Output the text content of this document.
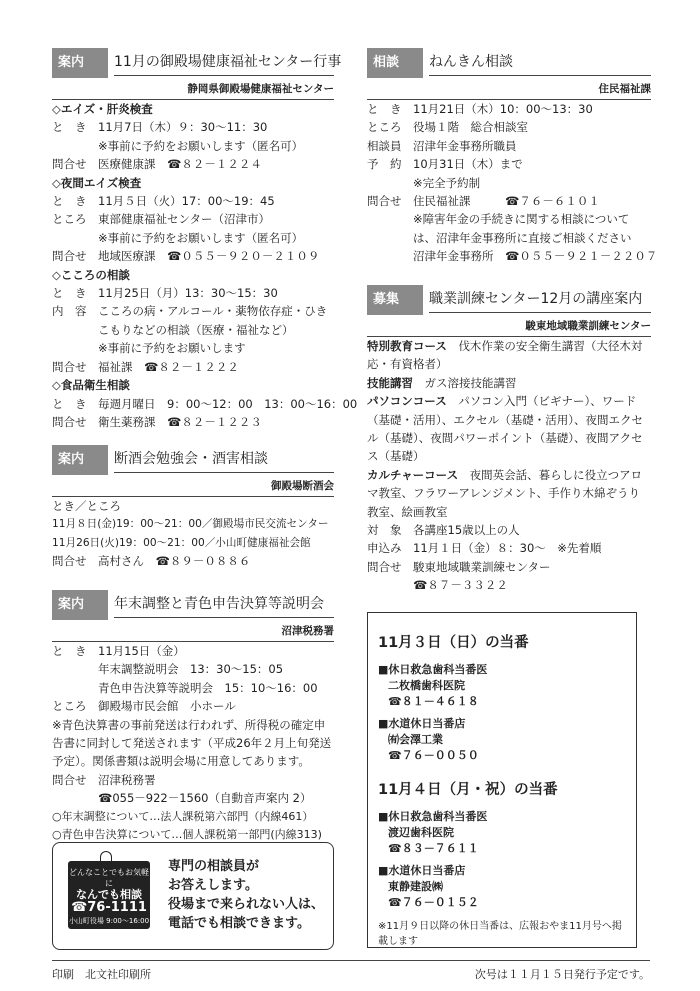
案内	11月の御殿場健康福祉センター行事
静岡県御殿場健康福祉センター
◇エイズ・肝炎検査
と　き	11月7日（木）９：30～11：30
※事前に予約をお願いします（匿名可）
問合せ	医療健康課　☎８２－１２２４
◇夜間エイズ検査
と　き	11月５日（火）17：00～19：45
ところ	東部健康福祉センター（沼津市）
※事前に予約をお願いします（匿名可）
問合せ	地域医療課　☎０５５－９２０－２１０９
◇こころの相談
と　き	11月25日（月）13：30～15：30
内　容	こころの病・アルコール・薬物依存症・ひきこもりなどの相談（医療・福祉など）
※事前に予約をお願いします
問合せ	福祉課　☎８２－１２２２
◇食品衛生相談
と　き	毎週月曜日　9：00～12：00　13：00～16：00
問合せ	衛生薬務課　☎８２－１２２３
案内	断酒会勉強会・酒害相談
御殿場断酒会
とき／ところ
11月８日(金)19：00～21：00／御殿場市民交流センター
11月26日(火)19：00～21：00／小山町健康福祉会館
問合せ	高村さん　☎８９－０８８６
案内	年末調整と青色申告決算等説明会
沼津税務署
と　き	11月15日（金）
年末調整説明会　13：30～15：05
青色申告決算等説明会　15：10～16：00
ところ	御殿場市民会館　小ホール
※青色決算書の事前発送は行われず、所得税の確定申告書に同封して発送されます（平成26年２月上旬発送予定）。関係書類は説明会場に用意してあります。
問合せ	沼津税務署
☎055－922－1560（自動音声案内 2）
○年末調整について…法人課税第六部門（内線461）
○青色申告決算について…個人課税第一部門(内線313)
どんなことでもお気軽に
なんでも相談
☎76-1111
小山町役場 9:00～16:00
専門の相談員が
お答えします。
役場まで来られない人は、
電話でも相談できます。
相談	ねんきん相談
住民福祉課
と　き	11月21日（木）10：00～13：30
ところ	役場１階　総合相談室
相談員	沼津年金事務所職員
予　約	10月31日（木）まで
※完全予約制
問合せ	住民福祉課　　　☎７６－６１０１
※障害年金の手続きに関する相談については、沼津年金事務所に直接ご相談ください
沼津年金事務所　☎０５５－９２１－２２０７
募集	職業訓練センター12月の講座案内
駿東地域職業訓練センター
特別教育コース　 伐木作業の安全衛生講習（大径木対応・有資格者）
技能講習　 ガス溶接技能講習
パソコンコース　 パソコン入門（ビギナー）、ワード（基礎・活用）、エクセル（基礎・活用）、夜間エクセル（基礎）、夜間パワーポイント（基礎）、夜間アクセス（基礎）
カルチャーコース　 夜間英会話、暮らしに役立つアロマ教室、フラワーアレンジメント、手作り木綿ぞうり教室、絵画教室
対　象	各講座15歳以上の人
申込み	11月１日（金）８：30～　※先着順
問合せ	駿東地域職業訓練センター
☎８７－３３２２
11月３日（日）の当番
■休日救急歯科当番医
二枚橋歯科医院
☎８１－４６１８
■水道休日当番店
㈲会澤工業
☎７６－００５０
11月４日（月・祝）の当番
■休日救急歯科当番医
渡辺歯科医院
☎８３－７６１１
■水道休日当番店
東静建設㈱
☎７６－０１５２
※11月９日以降の休日当番は、広報おやま11月号へ掲載します
印刷　北文社印刷所	次号は１１月１５日発行予定です。
